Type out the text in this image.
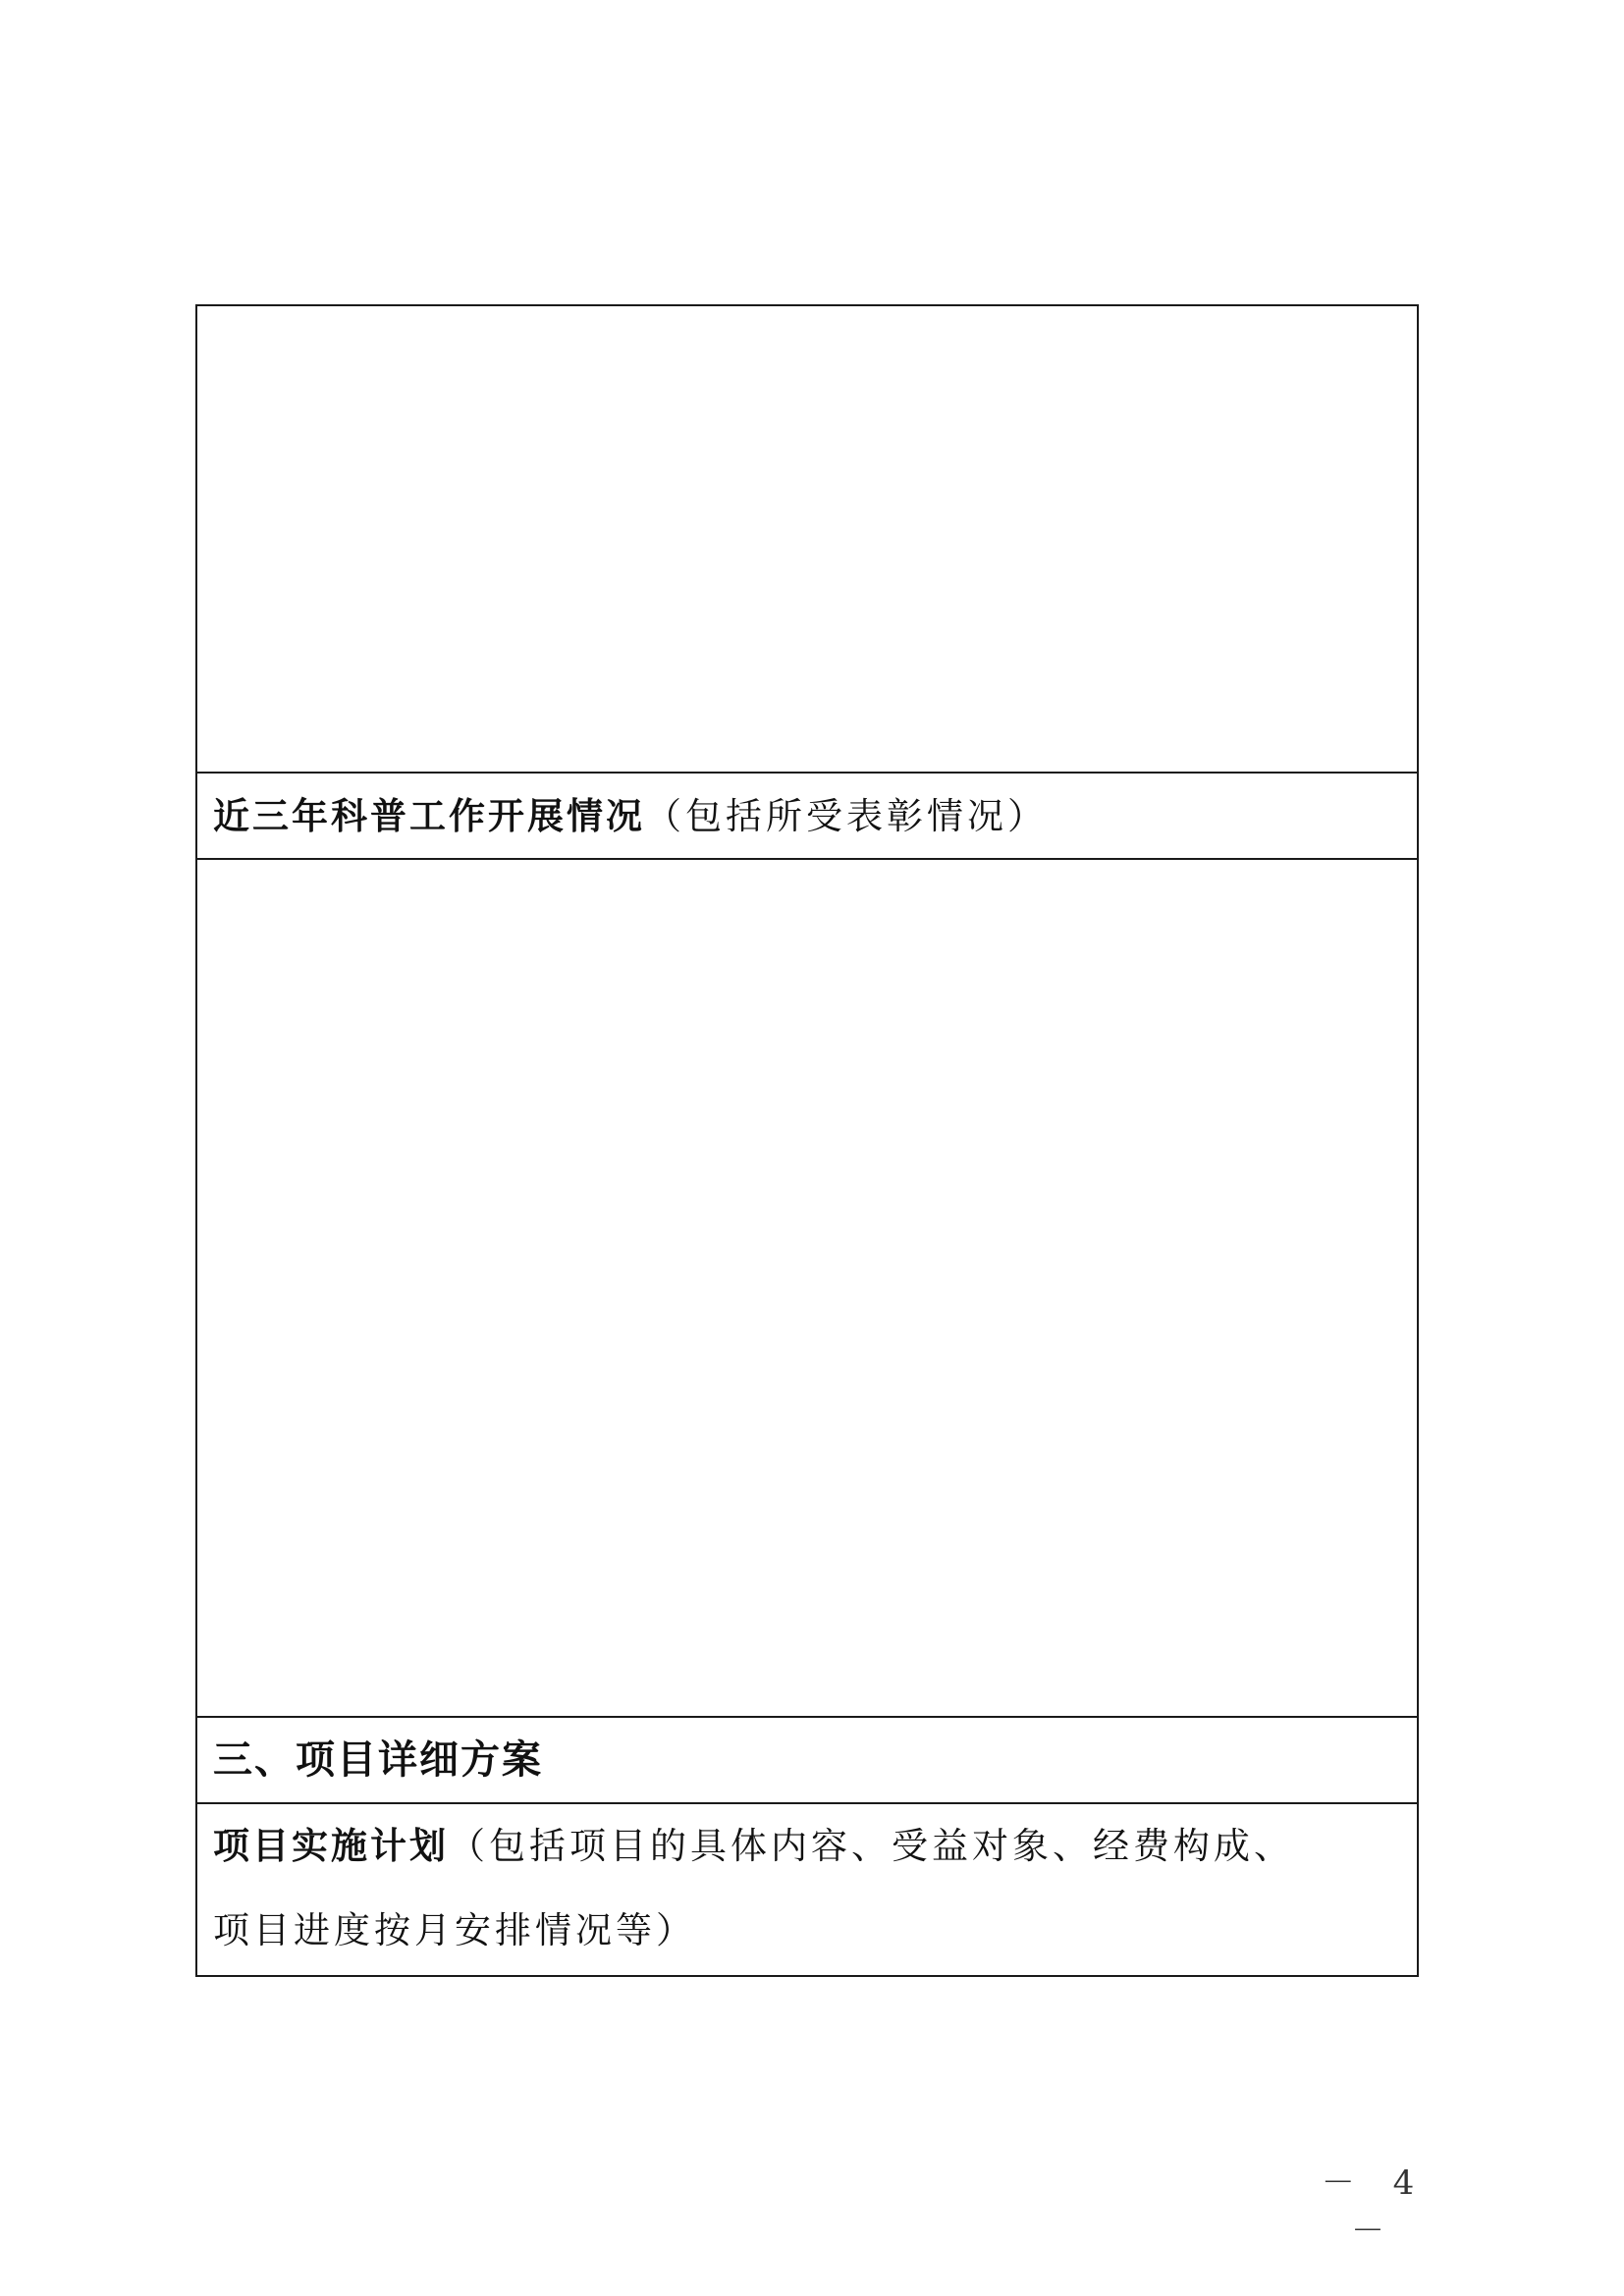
近三年科普工作开展情况（包括所受表彰情况）

三、项目详细方案
项目实施计划（包括项目的具体内容、受益对象、经费构成、
项目进度按月安排情况等）
－ 4 －
